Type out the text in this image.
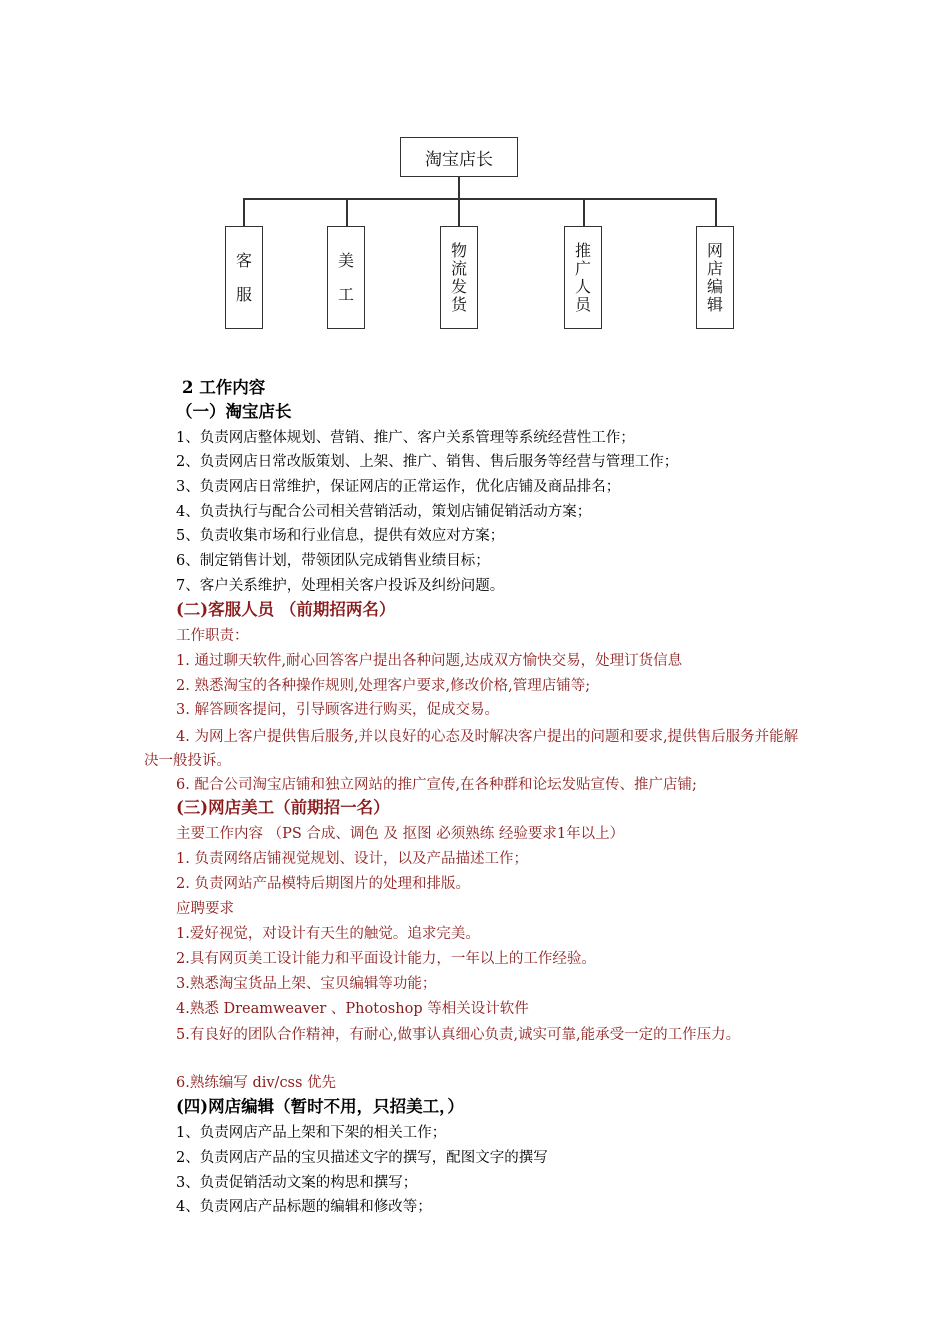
淘宝店长
客
服
美
工
物
流
发
货
推
广
人
员
网
店
编
辑
2 工作内容
（一）淘宝店长
1、负责网店整体规划、营销、推广、客户关系管理等系统经营性工作；
2、负责网店日常改版策划、上架、推广、销售、售后服务等经营与管理工作；
3、负责网店日常维护，保证网店的正常运作，优化店铺及商品排名；
4、负责执行与配合公司相关营销活动，策划店铺促销活动方案；
5、负责收集市场和行业信息，提供有效应对方案；
6、制定销售计划，带领团队完成销售业绩目标；
7、客户关系维护，处理相关客户投诉及纠纷问题。
(二)客服人员 （前期招两名）
工作职责：
1. 通过聊天软件,耐心回答客户提出各种问题,达成双方愉快交易，处理订货信息
2. 熟悉淘宝的各种操作规则,处理客户要求,修改价格,管理店铺等;
3. 解答顾客提问，引导顾客进行购买，促成交易。
4. 为网上客户提供售后服务,并以良好的心态及时解决客户提出的问题和要求,提供售后服务并能解决一般投诉。
6. 配合公司淘宝店铺和独立网站的推广宣传,在各种群和论坛发贴宣传、推广店铺;
(三)网店美工（前期招一名）
主要工作内容 （PS 合成、调色 及 抠图 必须熟练 经验要求1年以上）
1. 负责网络店铺视觉规划、设计，以及产品描述工作；
2. 负责网站产品模特后期图片的处理和排版。
应聘要求
1.爱好视觉，对设计有天生的触觉。追求完美。
2.具有网页美工设计能力和平面设计能力，一年以上的工作经验。
3.熟悉淘宝货品上架、宝贝编辑等功能；
4.熟悉 Dreamweaver 、Photoshop 等相关设计软件
5.有良好的团队合作精神，有耐心,做事认真细心负责,诚实可靠,能承受一定的工作压力。
6.熟练编写 div/css 优先
(四)网店编辑（暂时不用，只招美工，）
1、负责网店产品上架和下架的相关工作；
2、负责网店产品的宝贝描述文字的撰写，配图文字的撰写
3、负责促销活动文案的构思和撰写；
4、负责网店产品标题的编辑和修改等；
